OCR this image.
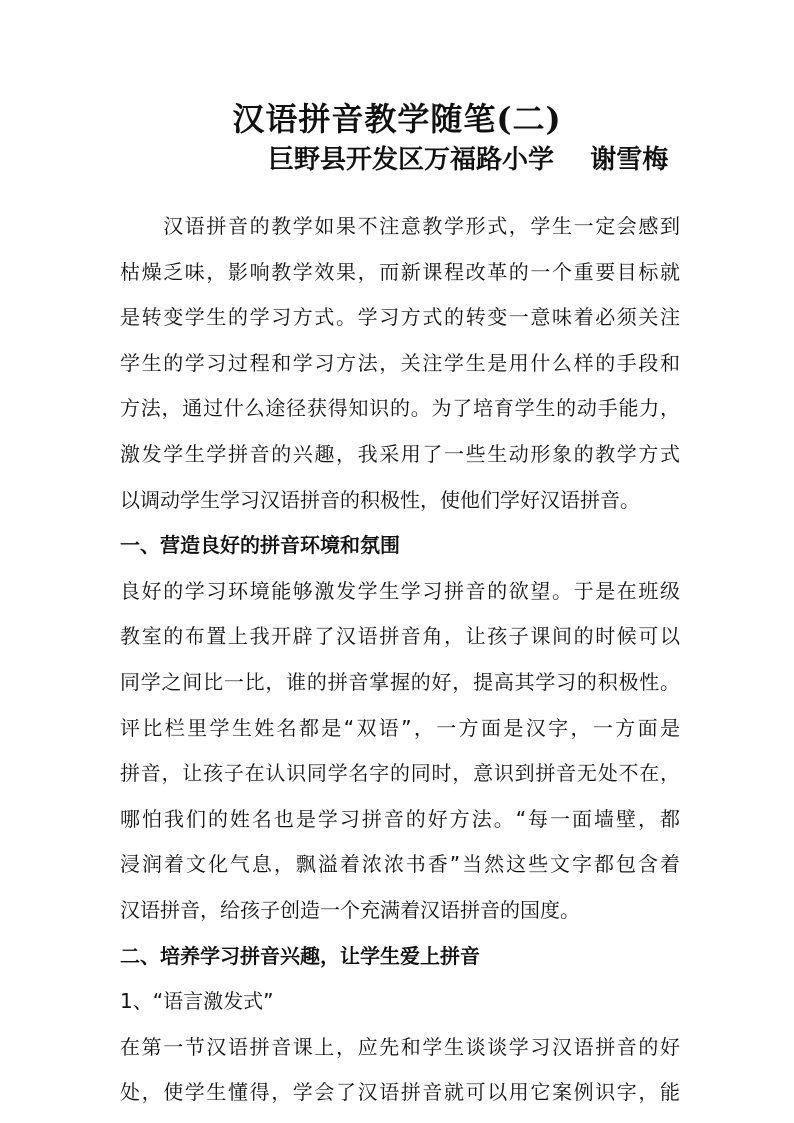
汉语拼音教学随笔(二)
巨野县开发区万福路小学    谢雪梅
　　汉语拼音的教学如果不注意教学形式，学生一定会感到
枯燥乏味，影响教学效果，而新课程改革的一个重要目标就
是转变学生的学习方式。学习方式的转变一意味着必须关注
学生的学习过程和学习方法，关注学生是用什么样的手段和
方法，通过什么途径获得知识的。为了培育学生的动手能力，
激发学生学拼音的兴趣，我采用了一些生动形象的教学方式
以调动学生学习汉语拼音的积极性，使他们学好汉语拼音。
一、营造良好的拼音环境和氛围
良好的学习环境能够激发学生学习拼音的欲望。于是在班级
教室的布置上我开辟了汉语拼音角，让孩子课间的时候可以
同学之间比一比，谁的拼音掌握的好，提高其学习的积极性。
评比栏里学生姓名都是“双语”，一方面是汉字，一方面是
拼音，让孩子在认识同学名字的同时，意识到拼音无处不在，
哪怕我们的姓名也是学习拼音的好方法。“每一面墙壁，都
浸润着文化气息，飘溢着浓浓书香”当然这些文字都包含着
汉语拼音，给孩子创造一个充满着汉语拼音的国度。
二、培养学习拼音兴趣，让学生爱上拼音
1、“语言激发式”
在第一节汉语拼音课上，应先和学生谈谈学习汉语拼音的好
处，使学生懂得，学会了汉语拼音就可以用它案例识字，能
